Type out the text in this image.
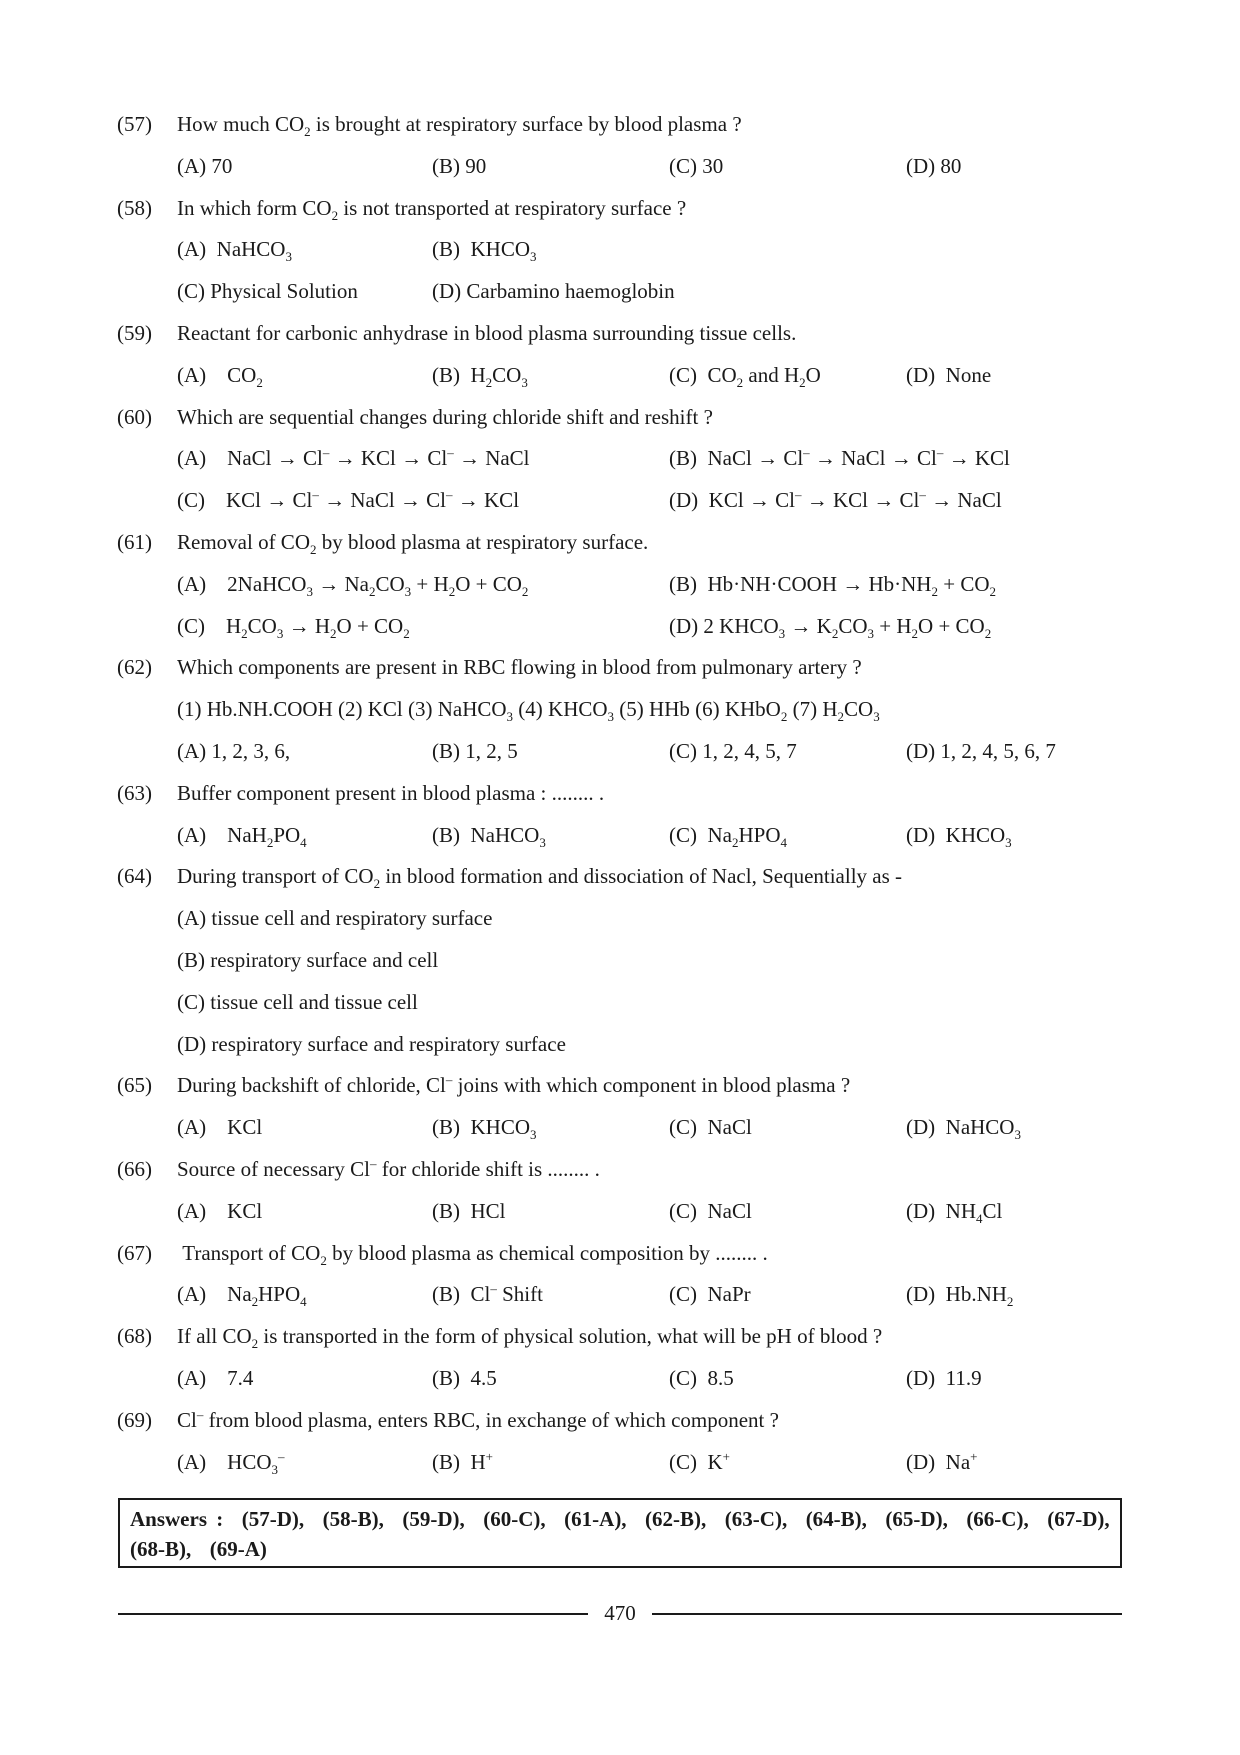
(57) How much $CO_2$ is brought at respiratory surface by blood plasma ?
(A) 70	(B) 90	(C) 30	(D) 80
(58) In which form $CO_2$ is not transported at respiratory surface ?
(A)  NaHCO$_3$	(B)  $KHCO_3$
(C) Physical Solution	(D) Carbamino haemoglobin
(59) Reactant for carbonic anhydrase in blood plasma surrounding tissue cells.
(A)    $CO_2$	(B)  $H_2CO_3$	(C)  $CO_2$ and $H_2O$	(D)  None
(60) Which are sequential changes during chloride shift and reshift ?
(A)    NaCl → Cl– → KCl → Cl– → NaCl	(B)  NaCl → Cl– → NaCl → Cl– → KCl
(C)    KCl → Cl– → NaCl → Cl– → KCl	(D)  KCl → Cl– → KCl → Cl– → NaCl
(61) Removal of $CO_2$ by blood plasma at respiratory surface.
(A)    2NaHCO$_3$ → $Na_2CO_3 + H_2O + CO_2$	(B)  Hb·NH·COOH → $Hb\cdot NH_2 + CO_2$
(C)    $H_2CO_3 \to H_2O + CO_2$	(D) 2 $KHCO_3 \to K_2CO_3 + H_2O + CO_2$
(62) Which components are present in RBC flowing in blood from pulmonary artery ?
(1) Hb.NH.COOH (2) KCl (3) NaHCO$_3$ (4) $KHCO_3$ (5) HHb (6) KHbO$_2$ (7) $H_2CO_3$
(A) 1, 2, 3, 6,	(B) 1, 2, 5	(C) 1, 2, 4, 5, 7	(D) 1, 2, 4, 5, 6, 7
(63) Buffer component present in blood plasma : ........ .
(A)    $NaH_2PO_4$	(B)  NaHCO$_3$	(C)  $Na_2HPO_4$	(D)  $KHCO_3$
(64) During transport of $CO_2$ in blood formation and dissociation of Nacl, Sequentially as -
(A) tissue cell and respiratory surface
(B) respiratory surface and cell
(C) tissue cell and tissue cell
(D) respiratory surface and respiratory surface
(65) During backshift of chloride, Cl– joins with which component in blood plasma ?
(A)    KCl	(B)  $KHCO_3$	(C)  NaCl	(D)  NaHCO$_3$
(66) Source of necessary Cl– for chloride shift is ........ .
(A)    KCl	(B)  HCl	(C)  NaCl	(D)  $NH_4Cl$
(67) Transport of $CO_2$ by blood plasma as chemical composition by ........ .
(A)    $Na_2HPO_4$	(B)  Cl– Shift	(C)  NaPr	(D)  $Hb.NH_2$
(68) If all $CO_2$ is transported in the form of physical solution, what will be pH of blood ?
(A)    7.4	(B)  4.5	(C)  8.5	(D)  11.9
(69) Cl– from blood plasma, enters RBC, in exchange of which component ?
(A)    $HCO_3^-$	(B)  H+	(C)  K+	(D)  Na+
Answers :  (57-D),  (58-B),  (59-D),  (60-C),  (61-A),  (62-B),  (63-C),  (64-B),  (65-D),  (66-C),  (67-D), (68-B),  (69-A)
470
